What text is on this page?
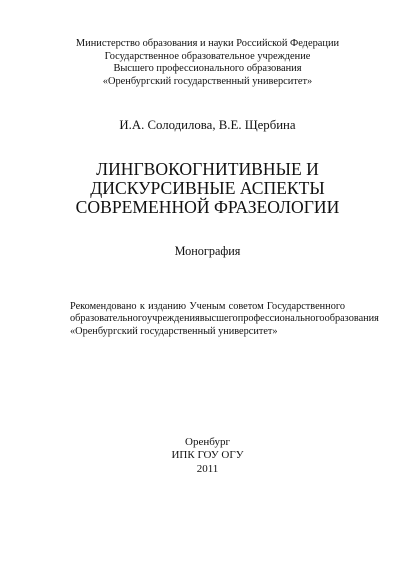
Министерство образования и науки Российской Федерации
Государственное образовательное учреждение
Высшего профессионального образования
«Оренбургский государственный университет»
И.А. Солодилова, В.Е. Щербина
ЛИНГВОКОГНИТИВНЫЕ И
ДИСКУРСИВНЫЕ АСПЕКТЫ
СОВРЕМЕННОЙ ФРАЗЕОЛОГИИ
Монография
Рекомендовано к изданию Ученым советом Государственного
образовательного учреждения высшего профессионального образования
«Оренбургский государственный университет»
Оренбург
ИПК ГОУ ОГУ
2011
